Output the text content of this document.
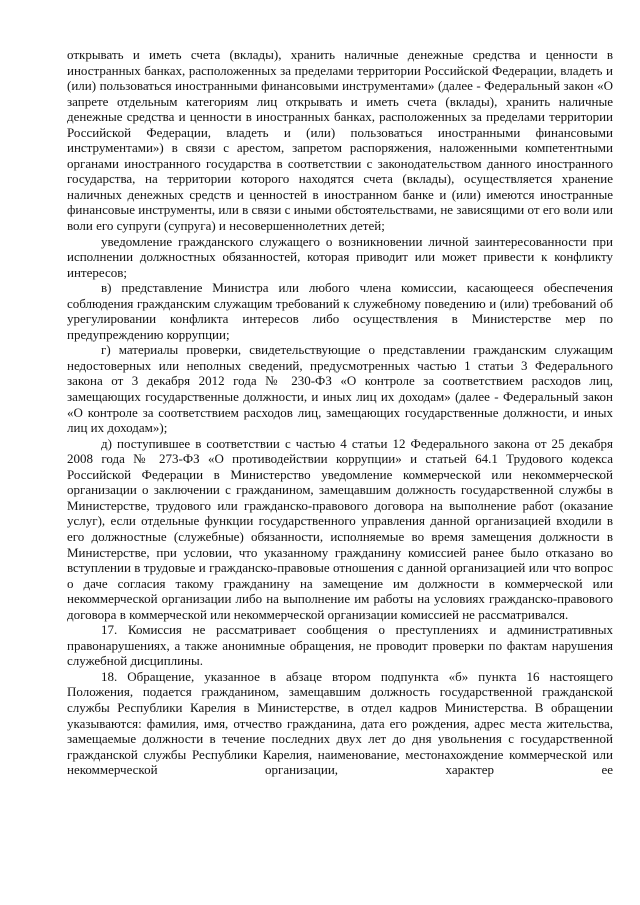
открывать и иметь счета (вклады), хранить наличные денежные средства и ценности в иностранных банках, расположенных за пределами территории Российской Федерации, владеть и (или) пользоваться иностранными финансовыми инструментами» (далее - Федеральный закон «О запрете отдельным категориям лиц открывать и иметь счета (вклады), хранить наличные денежные средства и ценности в иностранных банках, расположенных за пределами территории Российской Федерации, владеть и (или) пользоваться иностранными финансовыми инструментами») в связи с арестом, запретом распоряжения, наложенными компетентными органами иностранного государства в соответствии с законодательством данного иностранного государства, на территории которого находятся счета (вклады), осуществляется хранение наличных денежных средств и ценностей в иностранном банке и (или) имеются иностранные финансовые инструменты, или в связи с иными обстоятельствами, не зависящими от его воли или воли его супруги (супруга) и несовершеннолетних детей;

уведомление гражданского служащего о возникновении личной заинтересованности при исполнении должностных обязанностей, которая приводит или может привести к конфликту интересов;

в) представление Министра или любого члена комиссии, касающееся обеспечения соблюдения гражданским служащим требований к служебному поведению и (или) требований об урегулировании конфликта интересов либо осуществления в Министерстве мер по предупреждению коррупции;

г) материалы проверки, свидетельствующие о представлении гражданским служащим недостоверных или неполных сведений, предусмотренных частью 1 статьи 3 Федерального закона от 3 декабря 2012 года № 230-ФЗ «О контроле за соответствием расходов лиц, замещающих государственные должности, и иных лиц их доходам» (далее - Федеральный закон «О контроле за соответствием расходов лиц, замещающих государственные должности, и иных лиц их доходам»);

д) поступившее в соответствии с частью 4 статьи 12 Федерального закона от 25 декабря 2008 года № 273-ФЗ «О противодействии коррупции» и статьей 64.1 Трудового кодекса Российской Федерации в Министерство уведомление коммерческой или некоммерческой организации о заключении с гражданином, замещавшим должность государственной службы в Министерстве, трудового или гражданско-правового договора на выполнение работ (оказание услуг), если отдельные функции государственного управления данной организацией входили в его должностные (служебные) обязанности, исполняемые во время замещения должности в Министерстве, при условии, что указанному гражданину комиссией ранее было отказано во вступлении в трудовые и гражданско-правовые отношения с данной организацией или что вопрос о даче согласия такому гражданину на замещение им должности в коммерческой или некоммерческой организации либо на выполнение им работы на условиях гражданско-правового договора в коммерческой или некоммерческой организации комиссией не рассматривался.

17. Комиссия не рассматривает сообщения о преступлениях и административных правонарушениях, а также анонимные обращения, не проводит проверки по фактам нарушения служебной дисциплины.

18. Обращение, указанное в абзаце втором подпункта «б» пункта 16 настоящего Положения, подается гражданином, замещавшим должность государственной гражданской службы Республики Карелия в Министерстве, в отдел кадров Министерства. В обращении указываются: фамилия, имя, отчество гражданина, дата его рождения, адрес места жительства, замещаемые должности в течение последних двух лет до дня увольнения с государственной гражданской службы Республики Карелия, наименование, местонахождение коммерческой или некоммерческой организации, характер ее
